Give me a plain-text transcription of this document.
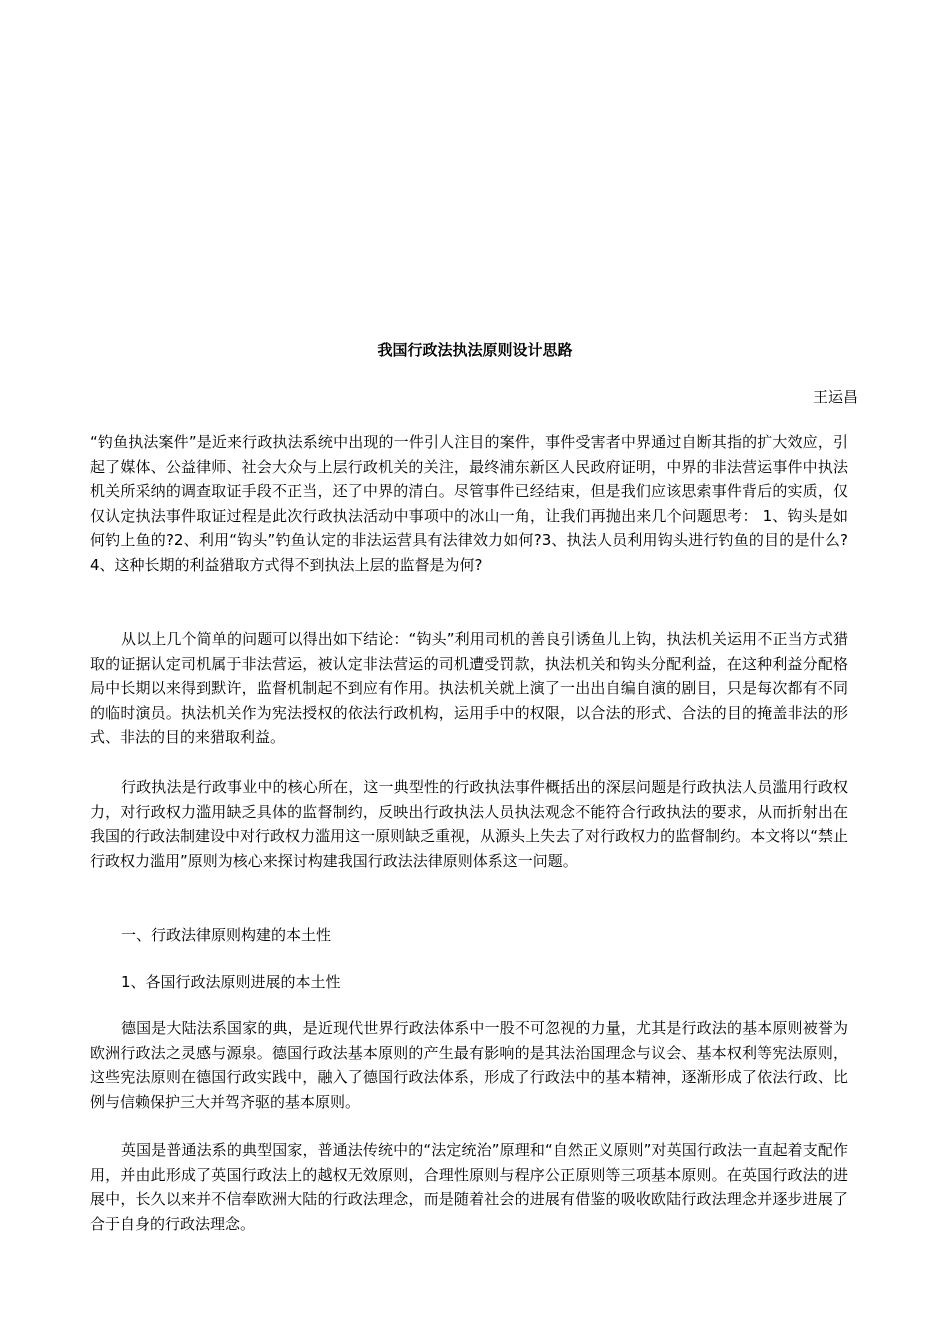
我国行政法执法原则设计思路
王运昌

“钓鱼执法案件”是近来行政执法系统中出现的一件引人注目的案件，事件受害者中界通过自断其指的扩大效应，引起了媒体、公益律师、社会大众与上层行政机关的关注，最终浦东新区人民政府证明，中界的非法营运事件中执法机关所采纳的调查取证手段不正当，还了中界的清白。尽管事件已经结束，但是我们应该思索事件背后的实质，仅仅认定执法事件取证过程是此次行政执法活动中事项中的冰山一角，让我们再抛出来几个问题思考： 1、钩头是如何钓上鱼的?2、利用“钩头”钓鱼认定的非法运营具有法律效力如何?3、执法人员利用钩头进行钓鱼的目的是什么?4、这种长期的利益猎取方式得不到执法上层的监督是为何?

从以上几个简单的问题可以得出如下结论：“钩头”利用司机的善良引诱鱼儿上钩，执法机关运用不正当方式猎取的证据认定司机属于非法营运，被认定非法营运的司机遭受罚款，执法机关和钩头分配利益，在这种利益分配格局中长期以来得到默许，监督机制起不到应有作用。执法机关就上演了一出出自编自演的剧目，只是每次都有不同的临时演员。执法机关作为宪法授权的依法行政机构，运用手中的权限，以合法的形式、合法的目的掩盖非法的形式、非法的目的来猎取利益。

行政执法是行政事业中的核心所在，这一典型性的行政执法事件概括出的深层问题是行政执法人员滥用行政权力，对行政权力滥用缺乏具体的监督制约，反映出行政执法人员执法观念不能符合行政执法的要求，从而折射出在我国的行政法制建设中对行政权力滥用这一原则缺乏重视，从源头上失去了对行政权力的监督制约。本文将以“禁止行政权力滥用”原则为核心来探讨构建我国行政法法律原则体系这一问题。

一、行政法律原则构建的本土性
1、各国行政法原则进展的本土性

德国是大陆法系国家的典，是近现代世界行政法体系中一股不可忽视的力量，尤其是行政法的基本原则被誉为欧洲行政法之灵感与源泉。德国行政法基本原则的产生最有影响的是其法治国理念与议会、基本权利等宪法原则，这些宪法原则在德国行政实践中，融入了德国行政法体系，形成了行政法中的基本精神，逐渐形成了依法行政、比例与信赖保护三大并驾齐驱的基本原则。

英国是普通法系的典型国家，普通法传统中的“法定统治”原理和“自然正义原则”对英国行政法一直起着支配作用，并由此形成了英国行政法上的越权无效原则，合理性原则与程序公正原则等三项基本原则。在英国行政法的进展中，长久以来并不信奉欧洲大陆的行政法理念，而是随着社会的进展有借鉴的吸收欧陆行政法理念并逐步进展了合于自身的行政法理念。
